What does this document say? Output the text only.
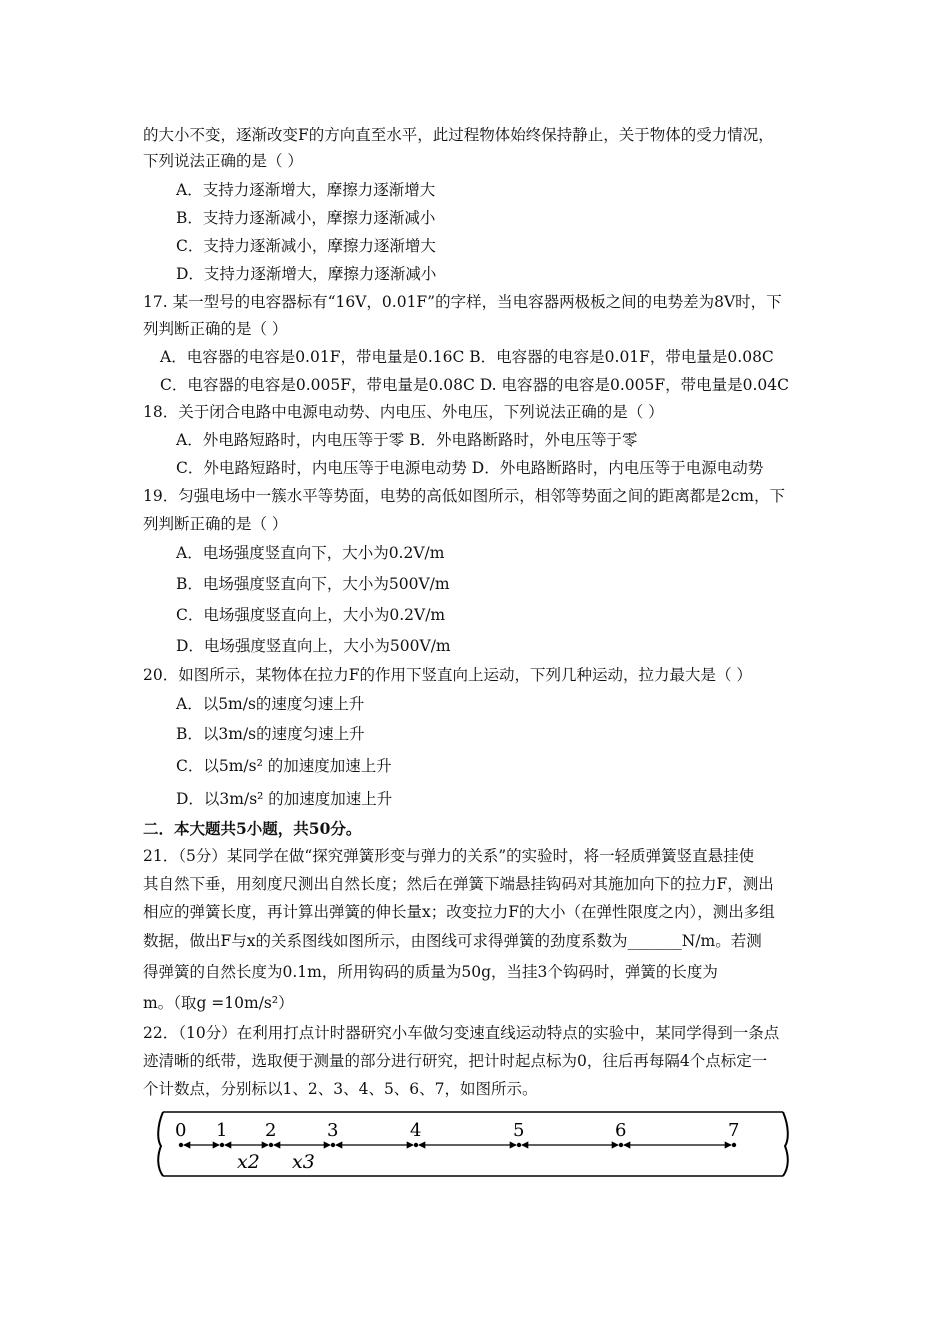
的大小不变，逐渐改变F的方向直至水平，此过程物体始终保持静止，关于物体的受力情况，
下列说法正确的是（ ）
A．支持力逐渐增大，摩擦力逐渐增大
B．支持力逐渐减小，摩擦力逐渐减小
C．支持力逐渐减小，摩擦力逐渐增大
D．支持力逐渐增大，摩擦力逐渐减小
17. 某一型号的电容器标有“16V，0.01F”的字样，当电容器两极板之间的电势差为8V时，下
列判断正确的是（ ）
A．电容器的电容是0.01F，带电量是0.16C B．电容器的电容是0.01F，带电量是0.08C
C．电容器的电容是0.005F，带电量是0.08C D. 电容器的电容是0.005F，带电量是0.04C
18．关于闭合电路中电源电动势、内电压、外电压，下列说法正确的是（ ）
A．外电路短路时，内电压等于零 B．外电路断路时，外电压等于零
C．外电路短路时，内电压等于电源电动势 D．外电路断路时，内电压等于电源电动势
19．匀强电场中一簇水平等势面，电势的高低如图所示，相邻等势面之间的距离都是2cm，下
列判断正确的是（ ）
A．电场强度竖直向下，大小为0.2V/m
B．电场强度竖直向下，大小为500V/m
C．电场强度竖直向上，大小为0.2V/m
D．电场强度竖直向上，大小为500V/m
20．如图所示，某物体在拉力F的作用下竖直向上运动，下列几种运动，拉力最大是（ ）
A．以5m/s的速度匀速上升
B．以3m/s的速度匀速上升
C．以5m/s² 的加速度加速上升
D．以3m/s² 的加速度加速上升
二．本大题共5小题，共50分。
21．（5分）某同学在做“探究弹簧形变与弹力的关系”的实验时，将一轻质弹簧竖直悬挂使
其自然下垂，用刻度尺测出自然长度；然后在弹簧下端悬挂钩码对其施加向下的拉力F，测出
相应的弹簧长度，再计算出弹簧的伸长量x；改变拉力F的大小（在弹性限度之内），测出多组
数据，做出F与x的关系图线如图所示，由图线可求得弹簧的劲度系数为_______N/m。若测
得弹簧的自然长度为0.1m，所用钩码的质量为50g，当挂3个钩码时，弹簧的长度为
m。（取g =10m/s²）
22．（10分）在利用打点计时器研究小车做匀变速直线运动特点的实验中，某同学得到一条点
迹清晰的纸带，选取便于测量的部分进行研究，把计时起点标为0，往后再每隔4个点标定一
个计数点，分别标以1、2、3、4、5、6、7，如图所示。
0 1 2	3	4	5	6	7
x2 x3
